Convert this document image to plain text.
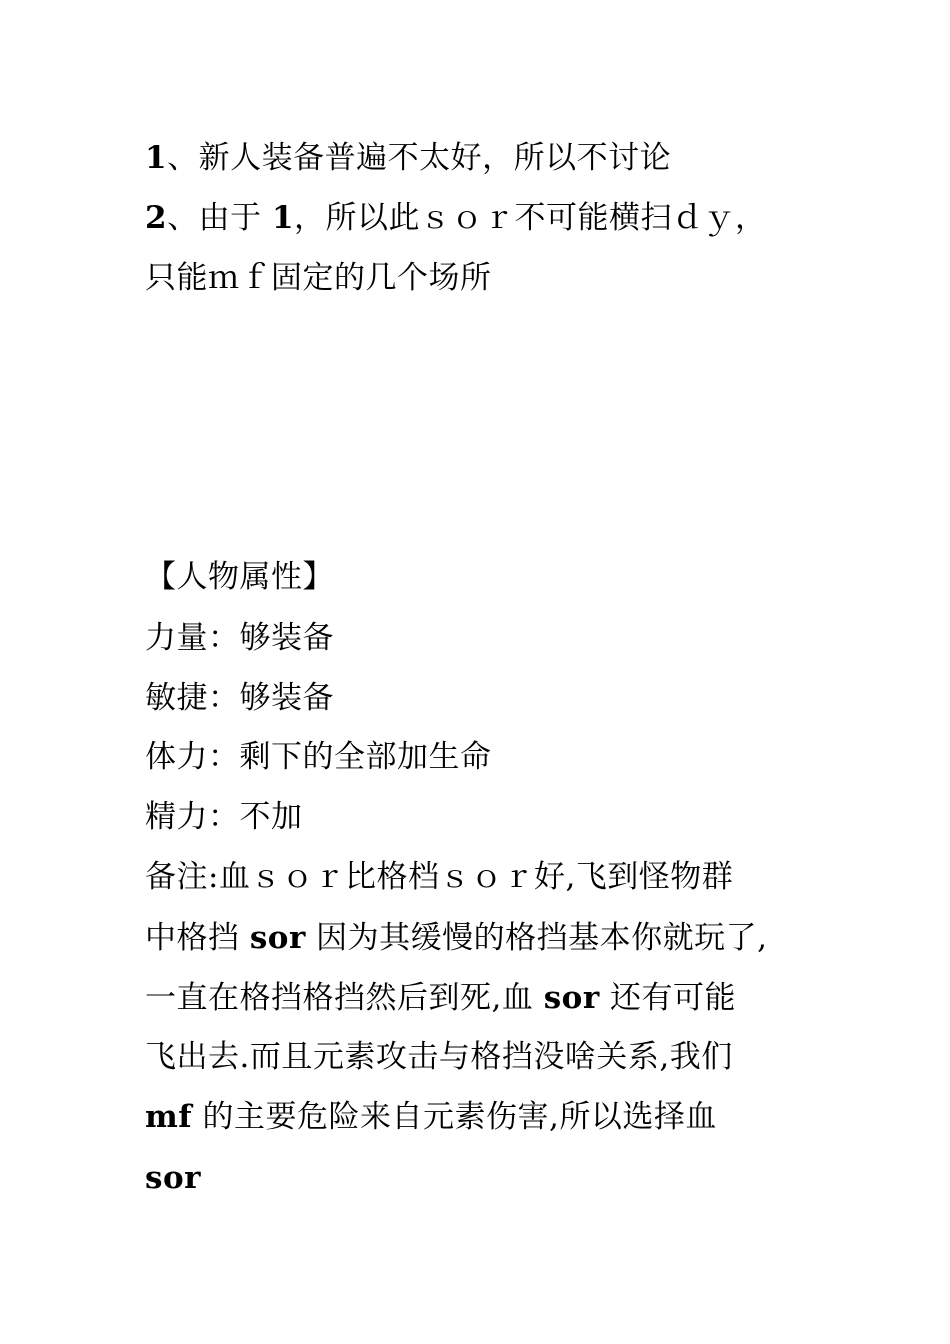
1、新人装备普遍不太好，所以不讨论
2、由于 1，所以此ｓｏｒ不可能横扫ｄｙ，
只能ｍｆ固定的几个场所
【人物属性】
力量：够装备
敏捷：够装备
体力：剩下的全部加生命
精力：不加
备注:血ｓｏｒ比格档ｓｏｒ好,飞到怪物群
中格挡 sor 因为其缓慢的格挡基本你就玩了,
一直在格挡格挡然后到死,血 sor 还有可能
飞出去.而且元素攻击与格挡没啥关系,我们
mf 的主要危险来自元素伤害,所以选择血
sor
